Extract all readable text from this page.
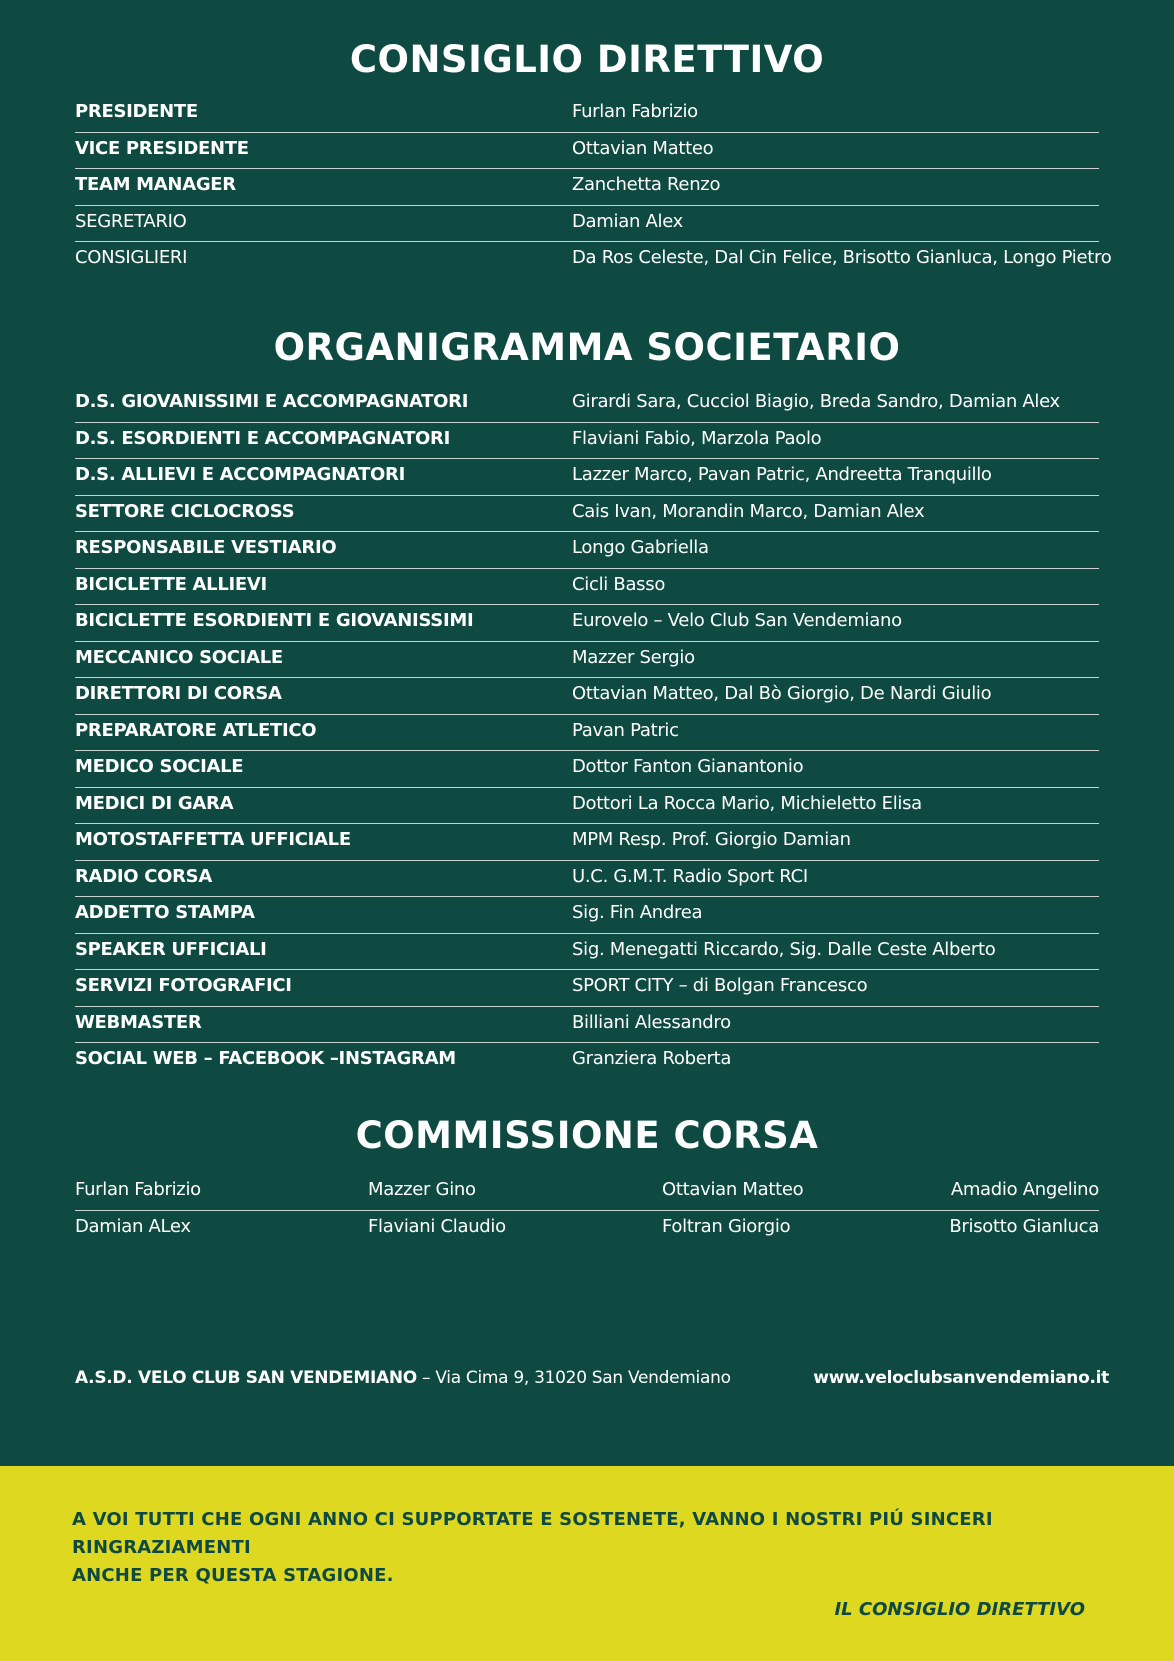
CONSIGLIO DIRETTIVO
PRESIDENTE	Furlan Fabrizio
VICE PRESIDENTE	Ottavian Matteo
TEAM MANAGER	Zanchetta Renzo
SEGRETARIO	Damian Alex
CONSIGLIERI	Da Ros Celeste, Dal Cin Felice, Brisotto Gianluca, Longo Pietro
ORGANIGRAMMA SOCIETARIO
D.S. GIOVANISSIMI E ACCOMPAGNATORI	Girardi Sara, Cucciol Biagio, Breda Sandro, Damian Alex
D.S. ESORDIENTI E ACCOMPAGNATORI	Flaviani Fabio, Marzola Paolo
D.S. ALLIEVI E ACCOMPAGNATORI	Lazzer Marco, Pavan Patric, Andreetta Tranquillo
SETTORE CICLOCROSS	Cais Ivan, Morandin Marco, Damian Alex
RESPONSABILE VESTIARIO	Longo Gabriella
BICICLETTE ALLIEVI	Cicli Basso
BICICLETTE ESORDIENTI E GIOVANISSIMI	Eurovelo – Velo Club San Vendemiano
MECCANICO SOCIALE	Mazzer Sergio
DIRETTORI DI CORSA	Ottavian Matteo, Dal Bò Giorgio, De Nardi Giulio
PREPARATORE ATLETICO	Pavan Patric
MEDICO SOCIALE	Dottor Fanton Gianantonio
MEDICI DI GARA	Dottori La Rocca Mario, Michieletto Elisa
MOTOSTAFFETTA UFFICIALE	MPM Resp. Prof. Giorgio Damian
RADIO CORSA	U.C. G.M.T. Radio Sport RCI
ADDETTO STAMPA	Sig. Fin Andrea
SPEAKER UFFICIALI	Sig. Menegatti Riccardo, Sig. Dalle Ceste Alberto
SERVIZI FOTOGRAFICI	SPORT CITY – di Bolgan Francesco
WEBMASTER	Billiani Alessandro
SOCIAL WEB – FACEBOOK –INSTAGRAM	Granziera Roberta
COMMISSIONE CORSA
Furlan Fabrizio	Mazzer Gino	Ottavian Matteo	Amadio Angelino
Damian ALex	Flaviani Claudio	Foltran Giorgio	Brisotto Gianluca
A.S.D. VELO CLUB SAN VENDEMIANO – Via Cima 9, 31020 San Vendemiano	www.veloclubsanvendemiano.it
A VOI TUTTI CHE OGNI ANNO CI SUPPORTATE E SOSTENETE, VANNO I NOSTRI PIÚ SINCERI RINGRAZIAMENTI
ANCHE PER QUESTA STAGIONE.
IL CONSIGLIO DIRETTIVO
